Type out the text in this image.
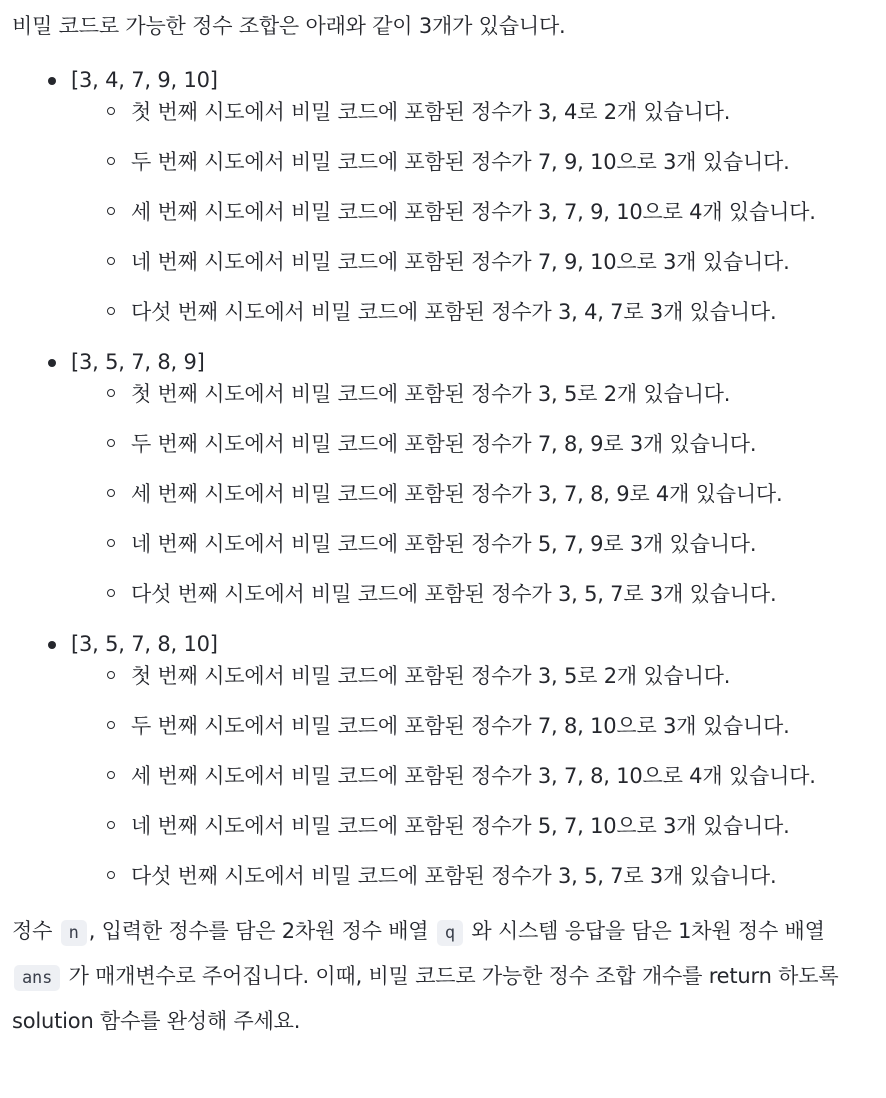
비밀 코드로 가능한 정수 조합은 아래와 같이 3개가 있습니다.

[3, 4, 7, 9, 10]
첫 번째 시도에서 비밀 코드에 포함된 정수가 3, 4로 2개 있습니다.
두 번째 시도에서 비밀 코드에 포함된 정수가 7, 9, 10으로 3개 있습니다.
세 번째 시도에서 비밀 코드에 포함된 정수가 3, 7, 9, 10으로 4개 있습니다.
네 번째 시도에서 비밀 코드에 포함된 정수가 7, 9, 10으로 3개 있습니다.
다섯 번째 시도에서 비밀 코드에 포함된 정수가 3, 4, 7로 3개 있습니다.
[3, 5, 7, 8, 9]
첫 번째 시도에서 비밀 코드에 포함된 정수가 3, 5로 2개 있습니다.
두 번째 시도에서 비밀 코드에 포함된 정수가 7, 8, 9로 3개 있습니다.
세 번째 시도에서 비밀 코드에 포함된 정수가 3, 7, 8, 9로 4개 있습니다.
네 번째 시도에서 비밀 코드에 포함된 정수가 5, 7, 9로 3개 있습니다.
다섯 번째 시도에서 비밀 코드에 포함된 정수가 3, 5, 7로 3개 있습니다.
[3, 5, 7, 8, 10]
첫 번째 시도에서 비밀 코드에 포함된 정수가 3, 5로 2개 있습니다.
두 번째 시도에서 비밀 코드에 포함된 정수가 7, 8, 10으로 3개 있습니다.
세 번째 시도에서 비밀 코드에 포함된 정수가 3, 7, 8, 10으로 4개 있습니다.
네 번째 시도에서 비밀 코드에 포함된 정수가 5, 7, 10으로 3개 있습니다.
다섯 번째 시도에서 비밀 코드에 포함된 정수가 3, 5, 7로 3개 있습니다.

정수 n , 입력한 정수를 담은 2차원 정수 배열 q 와 시스템 응답을 담은 1차원 정수 배열 ans 가 매개변수로 주어집니다. 이때, 비밀 코드로 가능한 정수 조합 개수를 return 하도록 solution 함수를 완성해 주세요.
